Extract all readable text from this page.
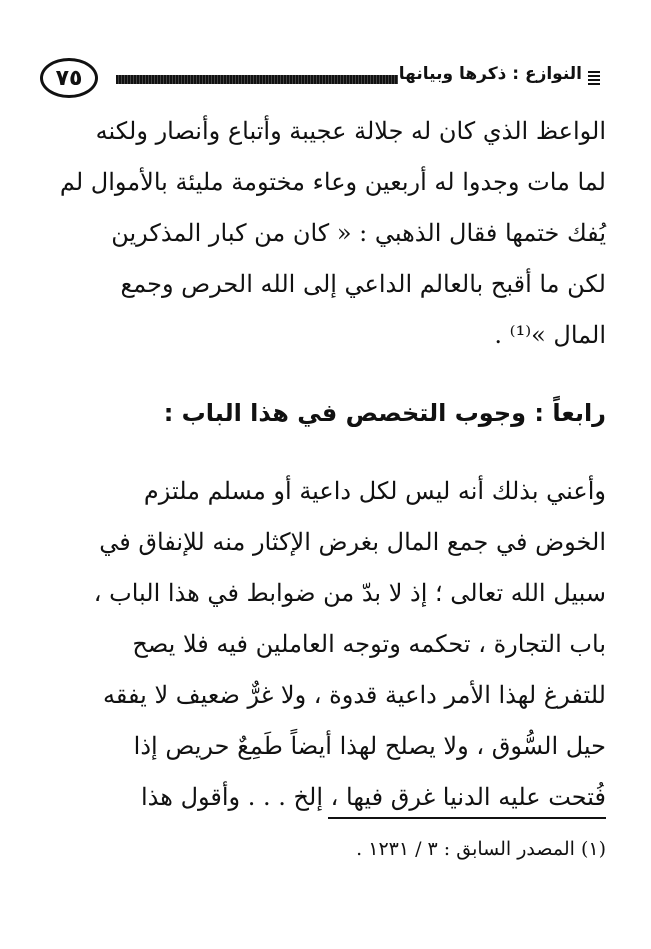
٧٥	النوازع : ذكرها وبيانها
الواعظ الذي كان له جلالة عجيبة وأتباع وأنصار ولكنه
لما مات وجدوا له أربعين وعاء مختومة مليئة بالأموال لم
يُفك ختمها فقال الذهبي : « كان من كبار المذكرين
لكن ما أقبح بالعالم الداعي إلى الله الحرص وجمع
المال »⁽¹⁾ .
رابعاً : وجوب التخصص في هذا الباب :
وأعني بذلك أنه ليس لكل داعية أو مسلم ملتزم
الخوض في جمع المال بغرض الإكثار منه للإنفاق في
سبيل الله تعالى ؛ إذ لا بدّ من ضوابط في هذا الباب ،
باب التجارة ، تحكمه وتوجه العاملين فيه فلا يصح
للتفرغ لهذا الأمر داعية قدوة ، ولا غرٌّ ضعيف لا يفقه
حيل السُّوق ، ولا يصلح لهذا أيضاً طَمِعٌ حريص إذا
فُتحت عليه الدنيا غرق فيها ، إلخ . . . وأقول هذا
(١) المصدر السابق : ٣ / ١٢٣١ .
